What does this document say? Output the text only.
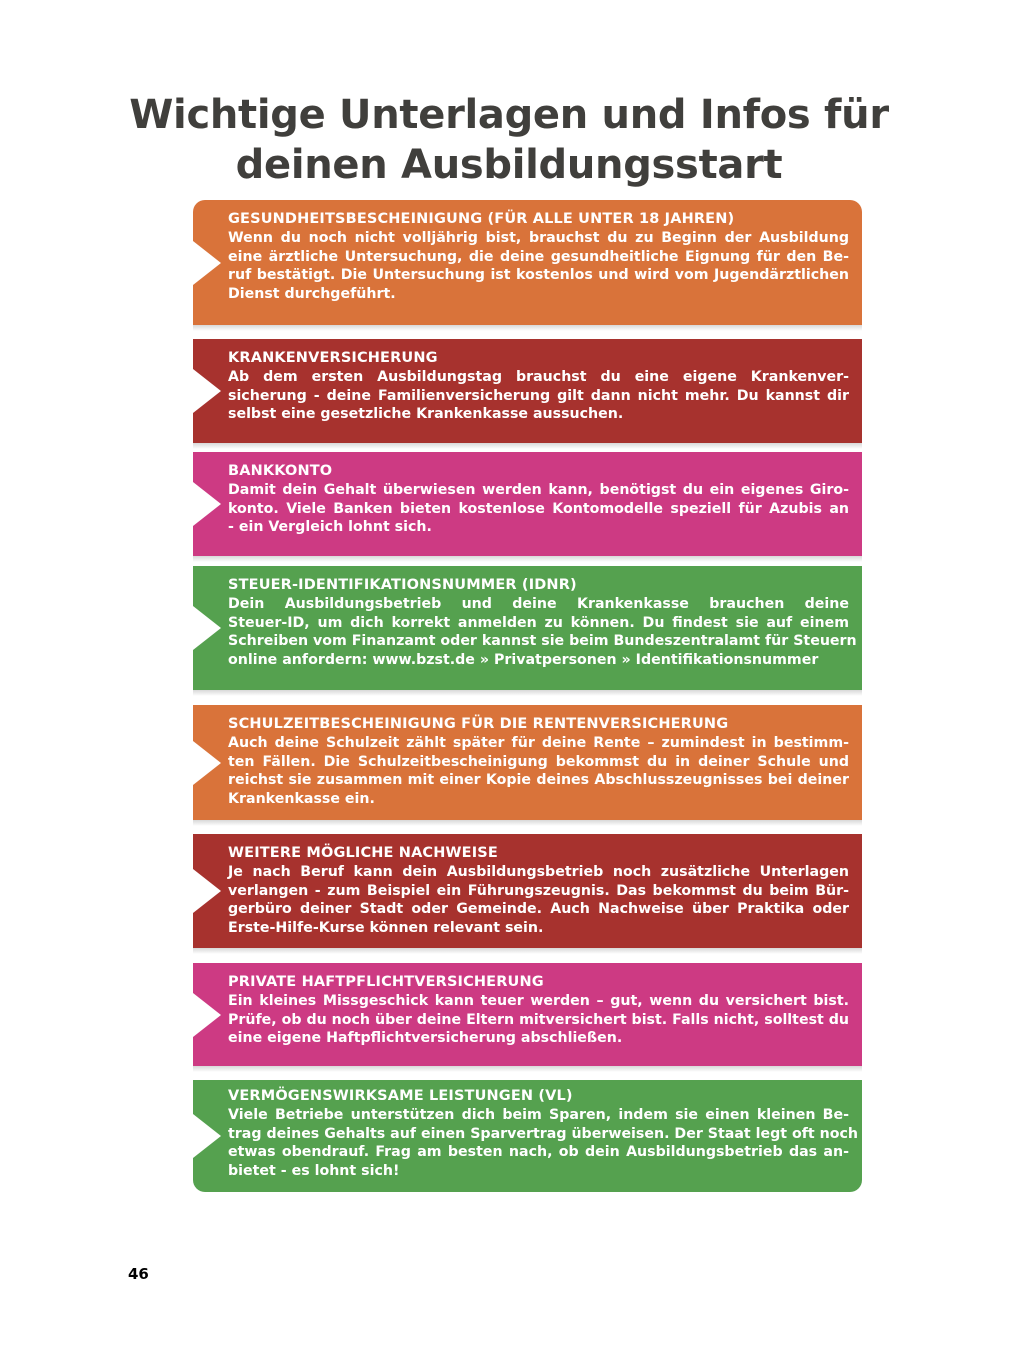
Wichtige Unterlagen und Infos für
deinen Ausbildungsstart
GESUNDHEITSBESCHEINIGUNG (FÜR ALLE UNTER 18 JAHREN)
Wenn du noch nicht volljährig bist, brauchst du zu Beginn der Ausbildung
eine ärztliche Untersuchung, die deine gesundheitliche Eignung für den Be-
ruf bestätigt. Die Untersuchung ist kostenlos und wird vom Jugendärztlichen
Dienst durchgeführt.
KRANKENVERSICHERUNG
Ab dem ersten Ausbildungstag brauchst du eine eigene Krankenver-
sicherung - deine Familienversicherung gilt dann nicht mehr. Du kannst dir
selbst eine gesetzliche Krankenkasse aussuchen.
BANKKONTO
Damit dein Gehalt überwiesen werden kann, benötigst du ein eigenes Giro-
konto. Viele Banken bieten kostenlose Kontomodelle speziell für Azubis an
- ein Vergleich lohnt sich.
STEUER-IDENTIFIKATIONSNUMMER (IDNR)
Dein Ausbildungsbetrieb und deine Krankenkasse brauchen deine
Steuer-ID, um dich korrekt anmelden zu können. Du findest sie auf einem
Schreiben vom Finanzamt oder kannst sie beim Bundeszentralamt für Steuern
online anfordern: www.bzst.de » Privatpersonen » Identifikationsnummer
SCHULZEITBESCHEINIGUNG FÜR DIE RENTENVERSICHERUNG
Auch deine Schulzeit zählt später für deine Rente – zumindest in bestimm-
ten Fällen. Die Schulzeitbescheinigung bekommst du in deiner Schule und
reichst sie zusammen mit einer Kopie deines Abschlusszeugnisses bei deiner
Krankenkasse ein.
WEITERE MÖGLICHE NACHWEISE
Je nach Beruf kann dein Ausbildungsbetrieb noch zusätzliche Unterlagen
verlangen - zum Beispiel ein Führungszeugnis. Das bekommst du beim Bür-
gerbüro deiner Stadt oder Gemeinde. Auch Nachweise über Praktika oder
Erste-Hilfe-Kurse können relevant sein.
PRIVATE HAFTPFLICHTVERSICHERUNG
Ein kleines Missgeschick kann teuer werden – gut, wenn du versichert bist.
Prüfe, ob du noch über deine Eltern mitversichert bist. Falls nicht, solltest du
eine eigene Haftpflichtversicherung abschließen.
VERMÖGENSWIRKSAME LEISTUNGEN (VL)
Viele Betriebe unterstützen dich beim Sparen, indem sie einen kleinen Be-
trag deines Gehalts auf einen Sparvertrag überweisen. Der Staat legt oft noch
etwas obendrauf. Frag am besten nach, ob dein Ausbildungsbetrieb das an-
bietet - es lohnt sich!
46
